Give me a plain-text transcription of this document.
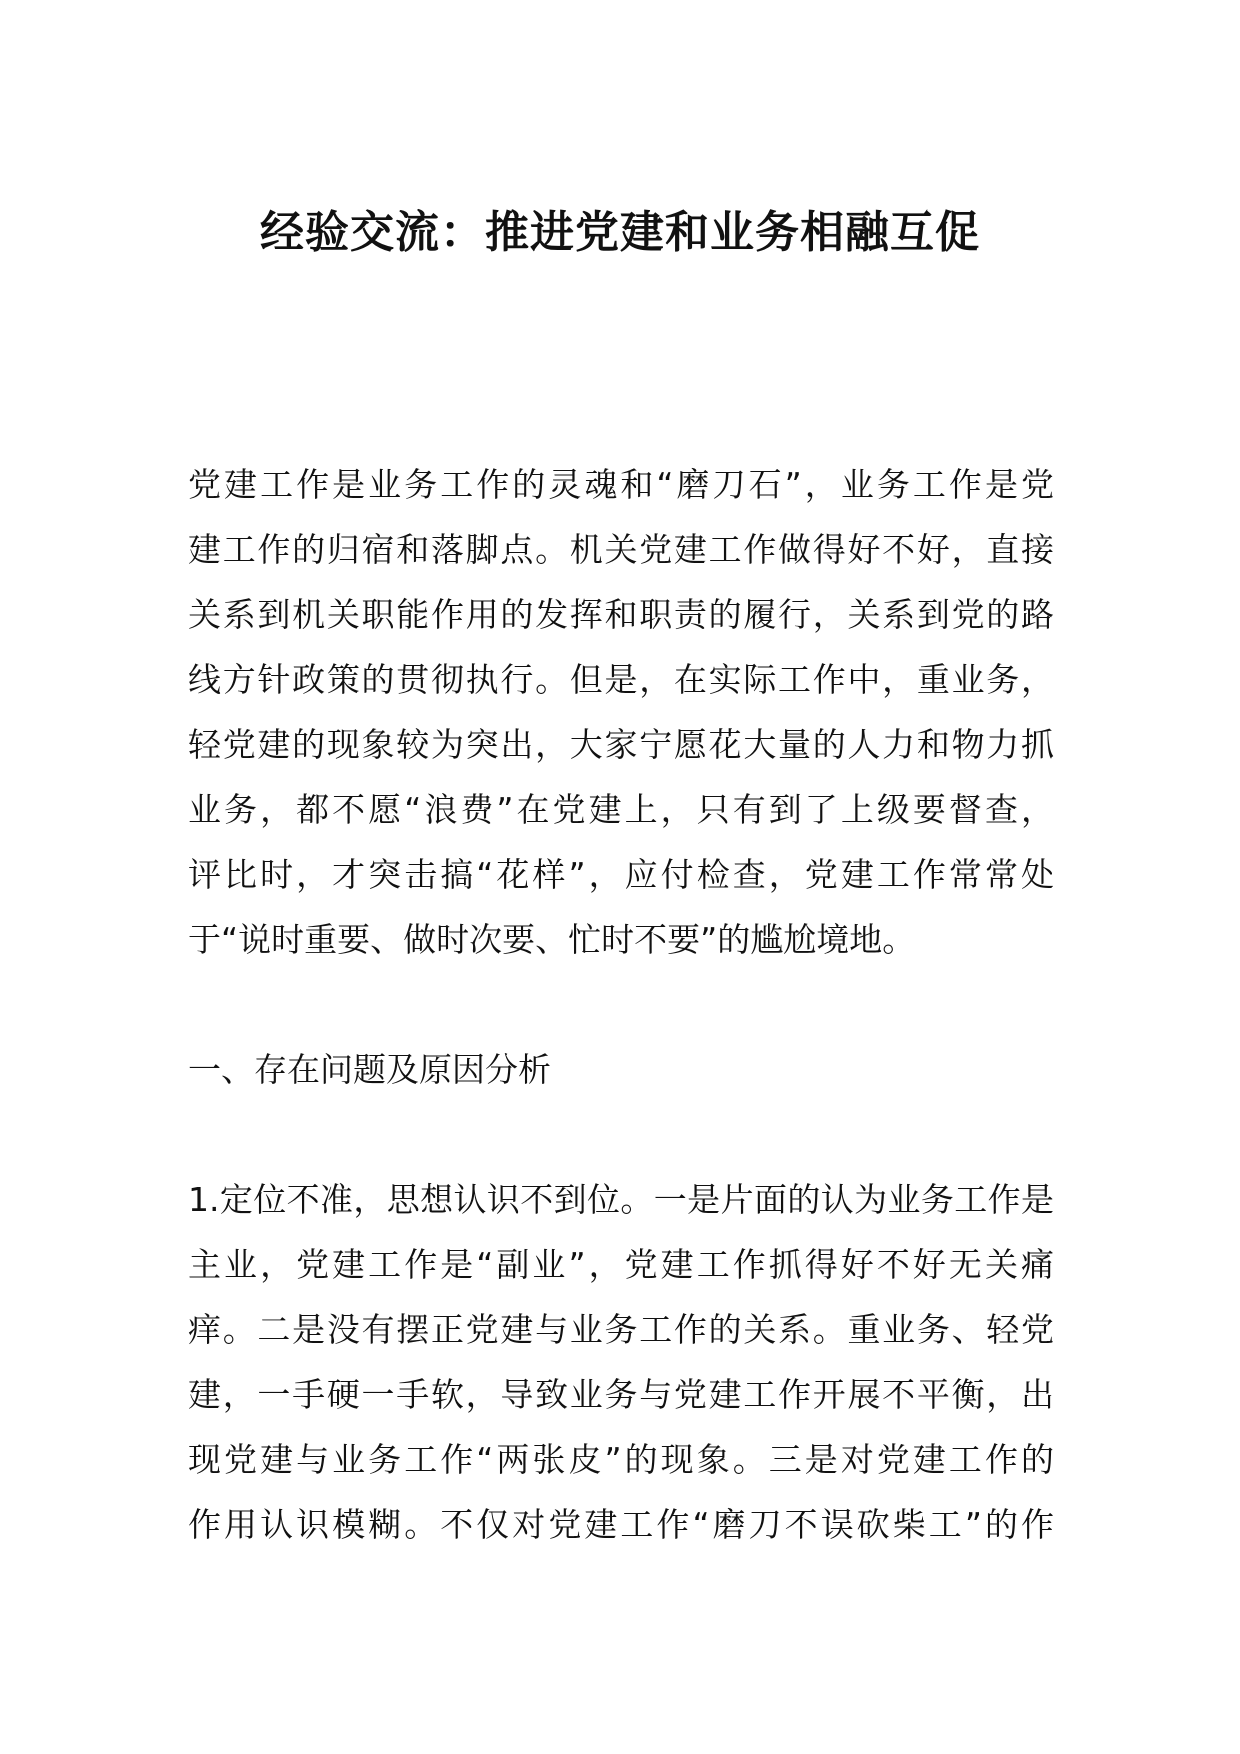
经验交流：推进党建和业务相融互促
党建工作是业务工作的灵魂和“磨刀石”，业务工作是党
建工作的归宿和落脚点。机关党建工作做得好不好，直接
关系到机关职能作用的发挥和职责的履行，关系到党的路
线方针政策的贯彻执行。但是，在实际工作中，重业务，
轻党建的现象较为突出，大家宁愿花大量的人力和物力抓
业务，都不愿“浪费”在党建上，只有到了上级要督查，
评比时，才突击搞“花样”，应付检查，党建工作常常处
于“说时重要、做时次要、忙时不要”的尴尬境地。
一、存在问题及原因分析
1.定位不准，思想认识不到位。一是片面的认为业务工作是
主业，党建工作是“副业”，党建工作抓得好不好无关痛
痒。二是没有摆正党建与业务工作的关系。重业务、轻党
建，一手硬一手软，导致业务与党建工作开展不平衡，出
现党建与业务工作“两张皮”的现象。三是对党建工作的
作用认识模糊。不仅对党建工作“磨刀不误砍柴工”的作
